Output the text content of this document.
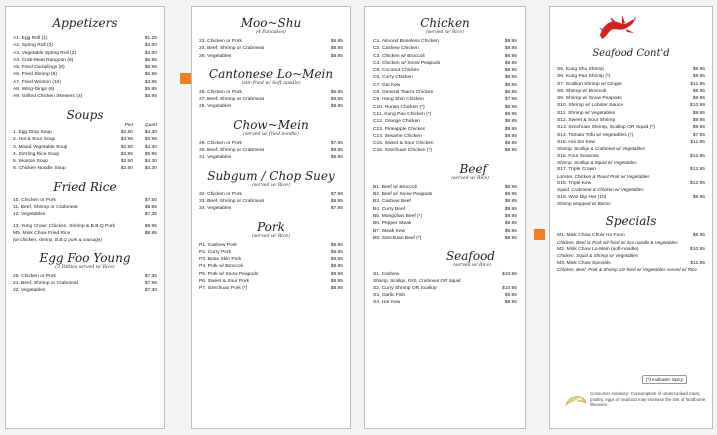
Appetizers

A1. Egg Roll (1)	$1.25
A2. Spring Roll (2)	$3.00
A3. Vegetable Spring Roll (2)	$3.00
A4. Crab-Meat Rangoon (6)	$5.95
A5. Fried Dumplings (8)	$5.95
A6. Fried Shrimp (8)	$5.95
A7. Fried Wonton (10)	$3.95
A8. Wing-Dings (6)	$5.95
A9. Grilled Chicken Skewers (4)	$5.95

Soups

Pint	Quart
1. Egg Drop Soup	$2.50	$4.30
2. Hot & Sour Soup	$3.95	$5.95
3. Mixed Vegetable Soup	$2.50	$4.30
4. Sizzling Rice Soup	$3.95	$5.95
5. Wonton Soup	$2.50	$4.30
6. Chicken Noodle Soup	$2.50	$4.30

Fried Rice

10. Chicken or Pork	$7.50
11. Beef, Shrimp or Crabmeat	$8.95
12. Vegetables	$7.35
13. Yung Chow: Chicken, Shrimp & B.B.Q Pork	$8.95
M5. Mink Chow Fried Rice	$8.95
(w/ chicken, shrimp, B.B.Q pork & sausage)

Egg Foo Young

(3 Patties served w/ Rice)

20. Chicken or Pork	$7.35
21. Beef, Shrimp or Crabmeat	$7.95
22. Vegetables	$7.30

Moo~Shu

(4 Pancakes)

23. Chicken or Pork	$5.95
24. Beef, Shrimp or Crabmeat	$8.95
25. Vegetables	$8.95

Cantonese Lo~Mein

(stir-fried w/ Soft noodle)

26. Chicken or Pork	$6.95
27. Beef, Shrimp or Crabmeat	$8.95
28. Vegetables	$8.95

Chow~Mein

(served w/ fried noodle)

29. Chicken or Pork	$7.95
30. Beef, Shrimp or Crabmeat	$8.95
31. Vegetables	$8.95

Subgum / Chop Suey

(served w/ Rice)

32. Chicken or Pork	$7.95
33. Beef, Shrimp or Crabmeat	$8.95
34. Vegetables	$7.95

Pork

(served w/ Rice)

P1. Cashew Pork	$8.95
P2. Curry Pork	$8.95
P3. Bone Skin Pork	$8.95
P4. Pork w/ Broccoli	$8.95
P5. Pork w/ Snow Peapods	$8.95
P6. Sweet & Sour Pork	$8.95
P7. Szechuan Pork (*)	$8.95

Chicken

(served w/ Rice)

C1. Almond Boneless Chicken	$8.95
C2. Cashew Chicken	$8.95
C3. Chicken w/ Broccoli	$8.95
C4. Chicken w/ Snow Peapods	$8.95
C5. Coconut Chicken	$8.95
C6. Curry Chicken	$8.95
C7. Gai Kew	$9.95
C8. General Tsao's Chicken	$8.95
C9. Hong Shin Chicken	$7.95
C10. Hunan Chicken (*)	$8.95
C11. Kung Pao Chicken (*)	$8.95
C12. Orange Chicken	$8.95
C13. Pineapple Chicken	$8.95
C14. Sesame Chicken	$8.95
C15. Sweet & Sour Chicken	$8.95
C16. Szechuan Chicken (*)	$8.95

Beef

(served w/ Rice)

B1. Beef w/ Broccoli	$8.95
B2. Beef w/ Snow Peapods	$8.95
B3. Cashew Beef	$8.95
B4. Curry Beef	$8.95
B5. Mongolian Beef (*)	$8.95
B6. Pepper Steak	$8.95
B7. Steak Kew	$9.95
B8. Szechuan Beef (*)	$8.95

Seafood

(served w/ Rice)

S1. Cashew	$10.95
Shrimp, Scallop, Fish, Crabmeat OR Squid
S2. Curry Shrimp OR Scallop	$10.95
S3. Garlic Fish	$9.95
S4. Har Kew	$9.95

Seafood Cont'd

S5. Kung Shu Shrimp	$9.95
S6. Kung Pao Shrimp (*)	$9.95
S7. Scallion Shrimp w/ Ginger	$11.95
S8. Shrimp w/ Broccoli	$9.95
S9. Shrimp w/ Snow Peapods	$9.95
S10. Shrimp w/ Lobster Sauce	$10.99
S11. Shrimp w/ Vegetables	$9.95
S12. Sweet & Sour Shrimp	$9.95
S13. Szechuan Shrimp, Scallop OR Squid (*)	$9.95
S14. Tomato Tofu w/ Vegetables (*)	$7.95
S15. Hoi Sin Kew	$11.95
Shrimp, Scallop & Crabmeat w/ Vegetables
S16. Four Seasons	$12.95
Shrimp, Scallop & Squid w/ Vegetables
S17. Triple Crown	$12.95
Lobster, Chicken & Roast Pork w/ Vegetables
S18. Triple Kew	$12.95
Squid, Crabmeat & Chicken w/ Vegetables
S19. Woo Dip Har (10)	$9.95
Shrimp wrapped w/ Bacon

Specials

M1. Mink Chow Chow Ho Foon	$9.95
Chicken, Beef or Pork stir-fried w/ rice noodle & Vegetables
M2. Mink Chow Lo-Mein (soft-noodle)	$10.95
Chicken, Squid & Shrimp w/ Vegetables
M3. Mink Chow Specials	$11.95
Chicken, Beef, Pork & Shrimp stir-fried w/ Vegetables served w/ Rice
(*) Indicates Spicy
Consumer Advisory: Consumption of undercooked meat, poultry, eggs or seafood may increase the risk of foodborne illnesses.
